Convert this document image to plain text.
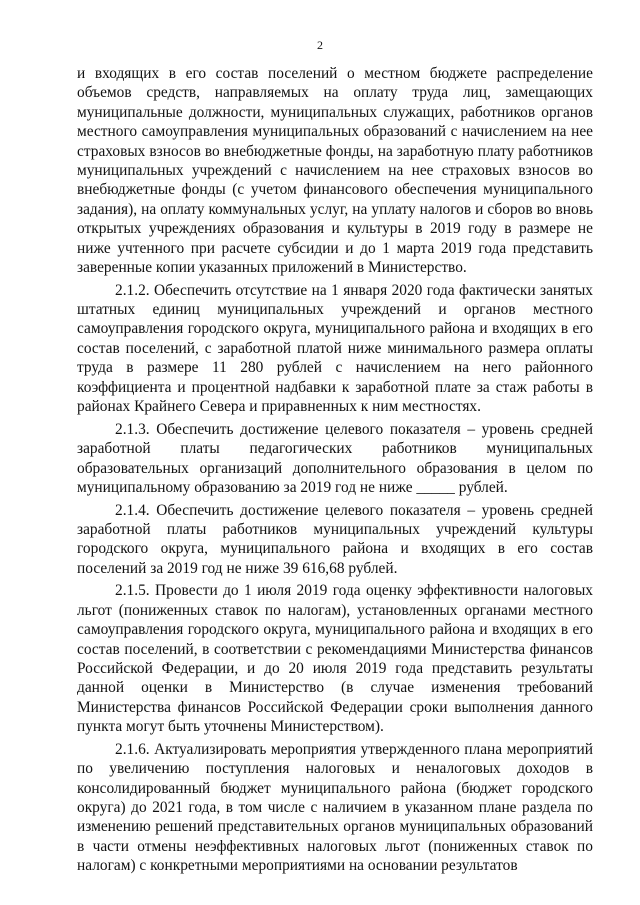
2

и входящих в его состав поселений о местном бюджете распределение объемов средств, направляемых на оплату труда лиц, замещающих муниципальные должности, муниципальных служащих, работников органов местного самоуправления муниципальных образований с начислением на нее страховых взносов во внебюджетные фонды, на заработную плату работников муниципальных учреждений с начислением на нее страховых взносов во внебюджетные фонды (с учетом финансового обеспечения муниципального задания), на оплату коммунальных услуг, на уплату налогов и сборов во вновь открытых учреждениях образования и культуры в 2019 году в размере не ниже учтенного при расчете субсидии и до 1 марта 2019 года представить заверенные копии указанных приложений в Министерство.

2.1.2. Обеспечить отсутствие на 1 января 2020 года фактически занятых штатных единиц муниципальных учреждений и органов местного самоуправления городского округа, муниципального района и входящих в его состав поселений, с заработной платой ниже минимального размера оплаты труда в размере 11 280 рублей с начислением на него районного коэффициента и процентной надбавки к заработной плате за стаж работы в районах Крайнего Севера и приравненных к ним местностях.

2.1.3. Обеспечить достижение целевого показателя – уровень средней заработной платы педагогических работников муниципальных образовательных организаций дополнительного образования в целом по муниципальному образованию за 2019 год не ниже _____ рублей.

2.1.4. Обеспечить достижение целевого показателя – уровень средней заработной платы работников муниципальных учреждений культуры городского округа, муниципального района и входящих в его состав поселений за 2019 год не ниже 39 616,68 рублей.

2.1.5. Провести до 1 июля 2019 года оценку эффективности налоговых льгот (пониженных ставок по налогам), установленных органами местного самоуправления городского округа, муниципального района и входящих в его состав поселений, в соответствии с рекомендациями Министерства финансов Российской Федерации, и до 20 июля 2019 года представить результаты данной оценки в Министерство (в случае изменения требований Министерства финансов Российской Федерации сроки выполнения данного пункта могут быть уточнены Министерством).

2.1.6. Актуализировать мероприятия утвержденного плана мероприятий по увеличению поступления налоговых и неналоговых доходов в консолидированный бюджет муниципального района (бюджет городского округа) до 2021 года, в том числе с наличием в указанном плане раздела по изменению решений представительных органов муниципальных образований в части отмены неэффективных налоговых льгот (пониженных ставок по налогам) с конкретными мероприятиями на основании результатов
